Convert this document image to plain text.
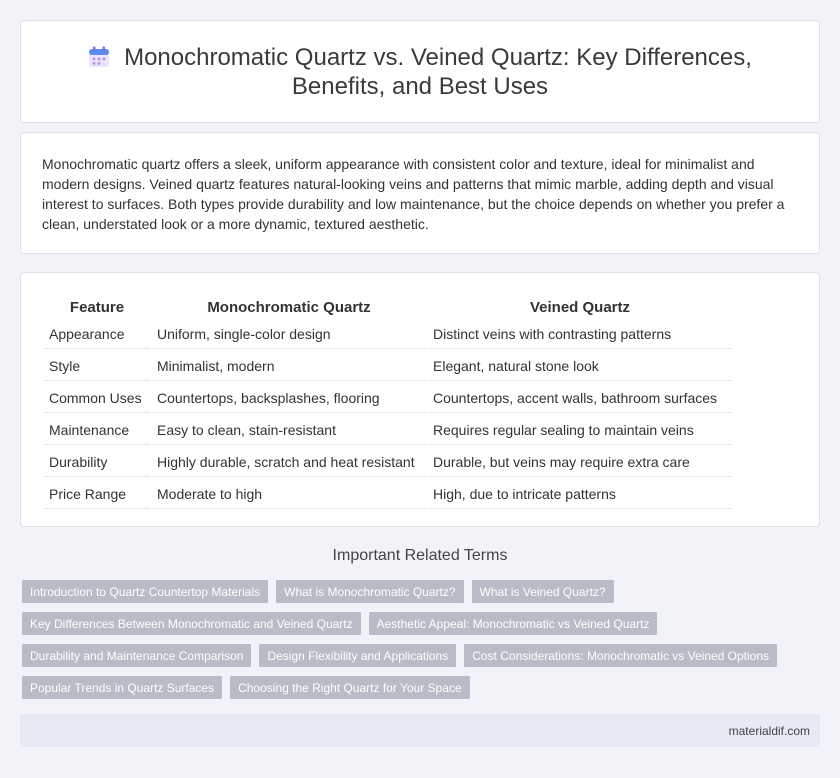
Monochromatic Quartz vs. Veined Quartz: Key Differences,
Benefits, and Best Uses
Monochromatic quartz offers a sleek, uniform appearance with consistent color and texture, ideal for minimalist and modern designs. Veined quartz features natural-looking veins and patterns that mimic marble, adding depth and visual interest to surfaces. Both types provide durability and low maintenance, but the choice depends on whether you prefer a clean, understated look or a more dynamic, textured aesthetic.
Feature	Monochromatic Quartz	Veined Quartz
Appearance	Uniform, single-color design	Distinct veins with contrasting patterns
Style	Minimalist, modern	Elegant, natural stone look
Common Uses	Countertops, backsplashes, flooring	Countertops, accent walls, bathroom surfaces
Maintenance	Easy to clean, stain-resistant	Requires regular sealing to maintain veins
Durability	Highly durable, scratch and heat resistant	Durable, but veins may require extra care
Price Range	Moderate to high	High, due to intricate patterns
Important Related Terms
Introduction to Quartz Countertop Materials	What is Monochromatic Quartz?	What is Veined Quartz?
Key Differences Between Monochromatic and Veined Quartz	Aesthetic Appeal: Monochromatic vs Veined Quartz
Durability and Maintenance Comparison	Design Flexibility and Applications	Cost Considerations: Monochromatic vs Veined Options
Popular Trends in Quartz Surfaces	Choosing the Right Quartz for Your Space
materialdif.com
